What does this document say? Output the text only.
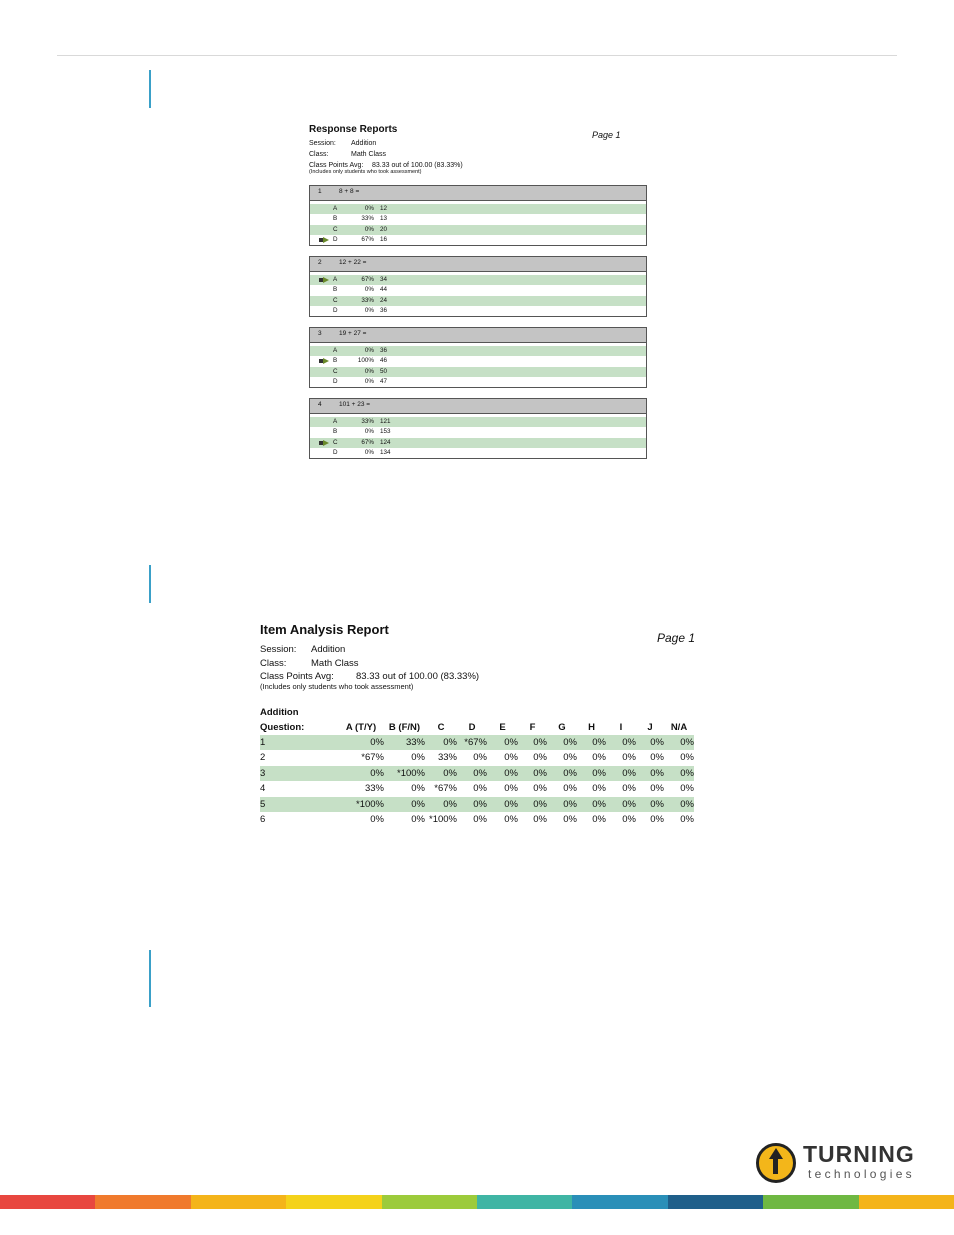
Response Reports	Page 1
Session: Addition
Class:	Math Class
Class Points Avg: 83.33 out of 100.00 (83.33%)
(Includes only students who took assessment)
1	8 + 8 =
A	0% 12
B	33% 13
C	0% 20
D	67% 16
2	12 + 22 =
A	67% 34
B	0% 44
C	33% 24
D	0% 36
3	19 + 27 =
A	0% 36
B	100% 46
C	0% 50
D	0% 47
4	101 + 23 =
A	33% 121
B	0% 153
C	67% 124
D	0% 134
Item Analysis Report
Page 1
Session: Addition
Class:	Math Class
Class Points Avg: 83.33 out of 100.00 (83.33%)
(Includes only students who took assessment)
Addition
Question:	A (T/Y)	B (F/N)	C	D	E	F	G	H	I	J	N/A
1	0%	33%	0%	*67%	0%	0%	0%	0%	0%	0%	0%
2	*67%	0%	33%	0%	0%	0%	0%	0%	0%	0%	0%
3	0%	*100%	0%	0%	0%	0%	0%	0%	0%	0%	0%
4	33%	0%	*67%	0%	0%	0%	0%	0%	0%	0%	0%
5	*100%	0%	0%	0%	0%	0%	0%	0%	0%	0%	0%
6	0%	0%	*100%	0%	0%	0%	0%	0%	0%	0%	0%
TURNING
technologies
